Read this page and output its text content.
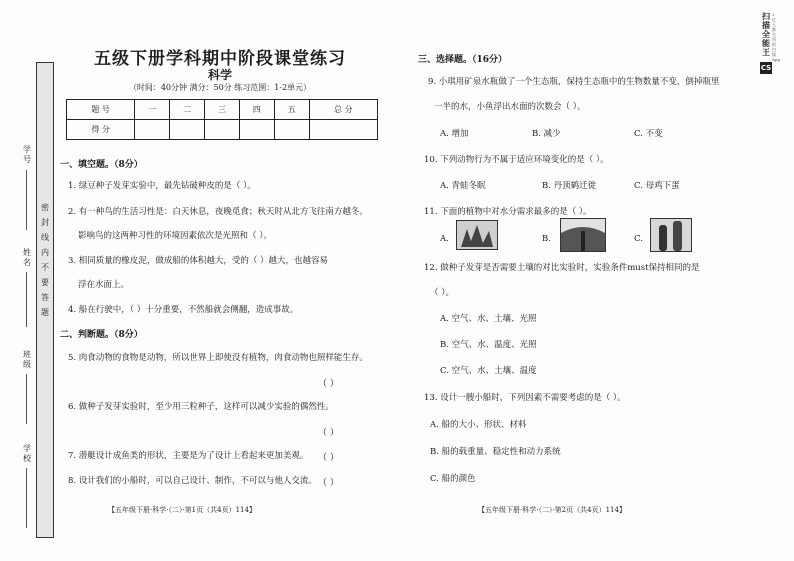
密
封
线
内
不
要
答
题
学号
姓名
班级
学校
五级下册学科期中阶段课堂练习
科学
（时间：40分钟 满分：50分 练习范围：1-2单元）
题 号	一	二	三	四	五	总 分
得 分						
一、填空题。（8分）
1. 绿豆种子发芽实验中，最先钻破种皮的是（ ）。
2. 有一种鸟的生活习性是：白天休息，夜晚觅食；秋天时从北方飞往南方越冬。
影响鸟的这两种习性的环境因素依次是光照和（ ）。
3. 相同质量的橡皮泥，做成船的体积越大，受的（ ）越大，也越容易
浮在水面上。
4. 船在行驶中，（ ）十分重要，不然船就会侧翻，造成事故。
二、判断题。（8分）
5. 肉食动物的食物是动物，所以世界上即使没有植物，肉食动物也照样能生存。
（ ）
6. 做种子发芽实验时，至少用三粒种子，这样可以减少实验的偶然性。
（ ）
7. 潜艇设计成鱼类的形状，主要是为了设计上看起来更加美观。 （ ）
8. 设计我们的小船时，可以自己设计、制作，不可以与他人交流。 （ ）
【五年级下册·科学·（二）·第1页（共4页）114】
三、选择题。（16分）
9. 小琪用矿泉水瓶做了一个生态瓶，保持生态瓶中的生物数量不变，倒掉瓶里
一半的水，小鱼浮出水面的次数会（ ）。
A. 增加	B. 减少	C. 不变
10. 下列动物行为不属于适应环境变化的是（ ）。
A. 青蛙冬眠	B. 丹顶鹤迁徙	C. 母鸡下蛋
11. 下面的植物中对水分需求最多的是（ ）。
A.	B.	C.
12. 做种子发芽是否需要土壤的对比实验时，实验条件must保持相同的是
（ ）。
A. 空气、水、土壤、光照
B. 空气、水、温度、光照
C. 空气、水、土壤、温度
13. 设计一艘小船时，下列因素不需要考虑的是（ ）。
A. 船的大小、形状、材料
B. 船的载重量、稳定性和动力系统
C. 船的颜色
【五年级下册·科学·（二）·第2页（共4页）114】
扫描全能王
3亿人都在用的扫描App
CS
